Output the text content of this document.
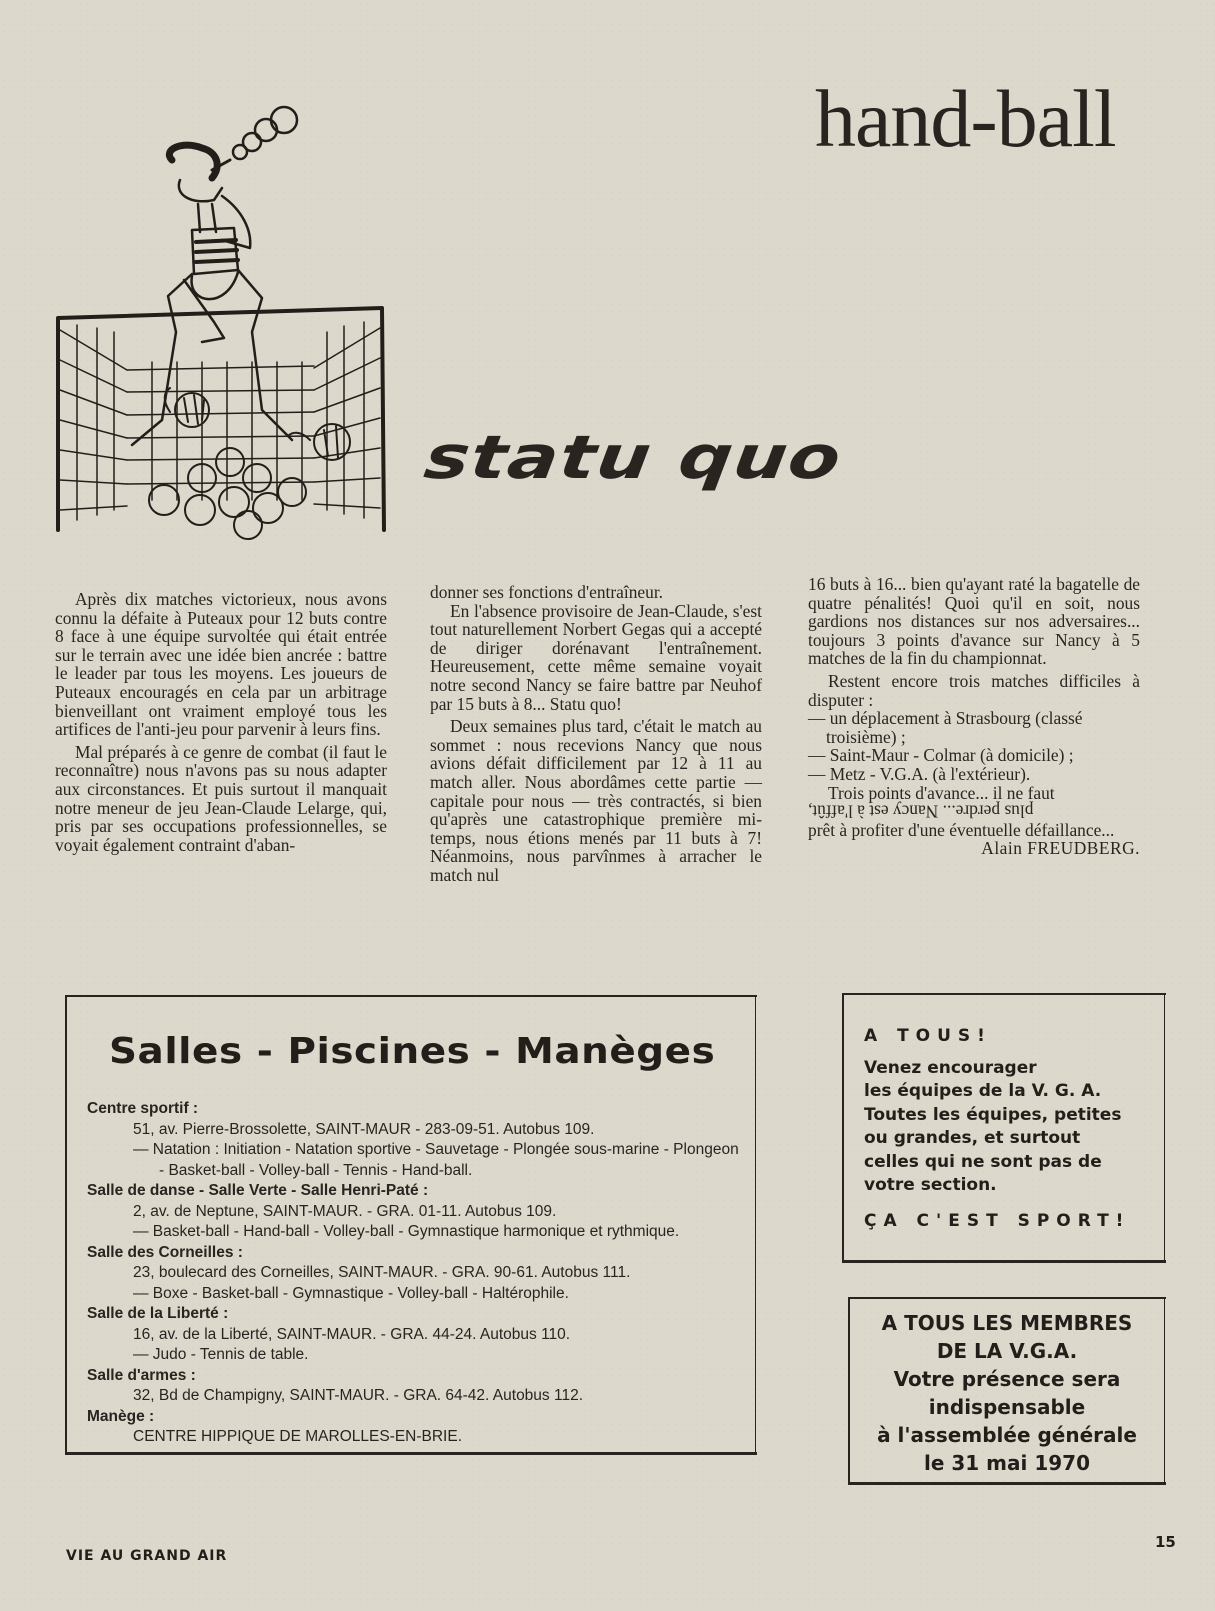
hand-ball
statu quo

Après dix matches victorieux, nous avons connu la défaite à Puteaux pour 12 buts contre 8 face à une équipe survoltée qui était entrée sur le terrain avec une idée bien ancrée : battre le leader par tous les moyens. Les joueurs de Puteaux encouragés en cela par un arbitrage bienveillant ont vraiment employé tous les artifices de l'anti-jeu pour parvenir à leurs fins.

Mal préparés à ce genre de combat (il faut le reconnaître) nous n'avons pas su nous adapter aux circonstances. Et puis surtout il manquait notre meneur de jeu Jean-Claude Lelarge, qui, pris par ses occupations professionnelles, se voyait également contraint d'aban-

donner ses fonctions d'entraîneur.

En l'absence provisoire de Jean-Claude, s'est tout naturellement Norbert Gegas qui a accepté de diriger dorénavant l'entraînement. Heureusement, cette même semaine voyait notre second Nancy se faire battre par Neuhof par 15 buts à 8... Statu quo!

Deux semaines plus tard, c'était le match au sommet : nous recevions Nancy que nous avions défait difficilement par 12 à 11 au match aller. Nous abordâmes cette partie — capitale pour nous — très contractés, si bien qu'après une catastrophique première mi-temps, nous étions menés par 11 buts à 7! Néanmoins, nous parvînmes à arracher le match nul

16 buts à 16... bien qu'ayant raté la bagatelle de quatre pénalités! Quoi qu'il en soit, nous gardions nos distances sur nos adversaires... toujours 3 points d'avance sur Nancy à 5 matches de la fin du championnat.

Restent encore trois matches difficiles à disputer :

— un déplacement à Strasbourg (classé troisième) ;

— Saint-Maur - Colmar (à domicile) ;

— Metz - V.G.A. (à l'extérieur).

Trois points d'avance... il ne faut

plus perdre... Nancy est à l'affût,

prêt à profiter d'une éventuelle défaillance...

Alain FREUDBERG.

Salles - Piscines - Manèges
Centre sportif :
51, av. Pierre-Brossolette, SAINT-MAUR - 283-09-51. Autobus 109.
— Natation : Initiation - Natation sportive - Sauvetage - Plongée sous-marine - Plongeon - Basket-ball - Volley-ball - Tennis - Hand-ball.
Salle de danse - Salle Verte - Salle Henri-Paté :
2, av. de Neptune, SAINT-MAUR. - GRA. 01-11. Autobus 109.
— Basket-ball - Hand-ball - Volley-ball - Gymnastique harmonique et rythmique.
Salle des Corneilles :
23, boulecard des Corneilles, SAINT-MAUR. - GRA. 90-61. Autobus 111.
— Boxe - Basket-ball - Gymnastique - Volley-ball - Haltérophile.
Salle de la Liberté :
16, av. de la Liberté, SAINT-MAUR. - GRA. 44-24. Autobus 110.
— Judo - Tennis de table.
Salle d'armes :
32, Bd de Champigny, SAINT-MAUR. - GRA. 64-42. Autobus 112.
Manège :
CENTRE HIPPIQUE DE MAROLLES-EN-BRIE.
A TOUS!
Venez encourager
les équipes de la V. G. A.
Toutes les équipes, petites
ou grandes, et surtout
celles qui ne sont pas de
votre section.
ÇA C'EST SPORT!
A TOUS LES MEMBRES
DE LA V.G.A.
Votre présence sera
indispensable
à l'assemblée générale
le 31 mai 1970
VIE AU GRAND AIR
15
